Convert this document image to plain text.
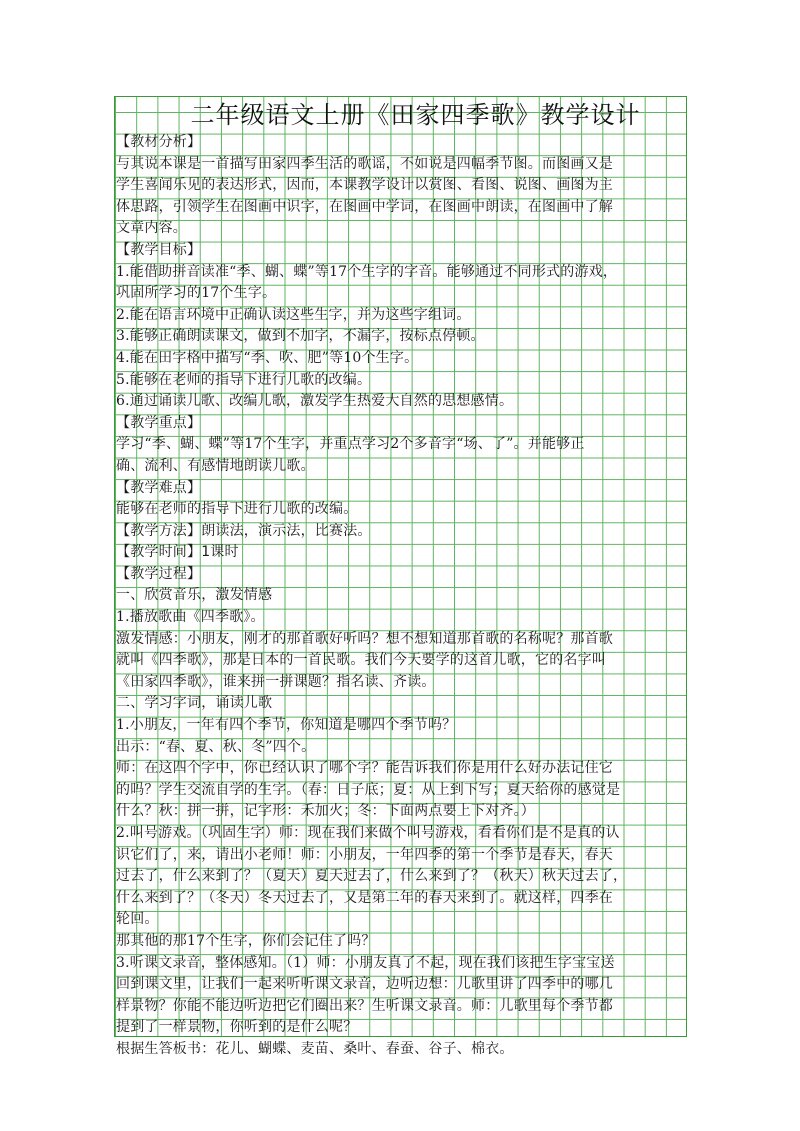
二年级语文上册《田家四季歌》教学设计
【教材分析】
与其说本课是一首描写田家四季生活的歌谣，不如说是四幅季节图。而图画又是
学生喜闻乐见的表达形式，因而，本课教学设计以赏图、看图、说图、画图为主
体思路，引领学生在图画中识字，在图画中学词，在图画中朗读，在图画中了解
文章内容。
【教学目标】
1.能借助拼音读准“季、蝴、蝶”等17个生字的字音。能够通过不同形式的游戏，
巩固所学习的17个生字。
2.能在语言环境中正确认读这些生字，并为这些字组词。
3.能够正确朗读课文，做到不加字，不漏字，按标点停顿。
4.能在田字格中描写“季、吹、肥”等10个生字。
5.能够在老师的指导下进行儿歌的改编。
6.通过诵读儿歌、改编儿歌，激发学生热爱大自然的思想感情。
【教学重点】
学习“季、蝴、蝶”等17个生字，并重点学习2个多音字“场、了”。并能够正
确、流利、有感情地朗读儿歌。
【教学难点】
能够在老师的指导下进行儿歌的改编。
【教学方法】朗读法，演示法，比赛法。
【教学时间】1课时
【教学过程】
一、欣赏音乐，激发情感
1.播放歌曲《四季歌》。
激发情感：小朋友，刚才的那首歌好听吗？想不想知道那首歌的名称呢？那首歌
就叫《四季歌》，那是日本的一首民歌。我们今天要学的这首儿歌，它的名字叫
《田家四季歌》，谁来拼一拼课题？指名读、齐读。
二、学习字词，诵读儿歌
1.小朋友，一年有四个季节，你知道是哪四个季节吗？
出示：“春、夏、秋、冬”四个。
师：在这四个字中，你已经认识了哪个字？能告诉我们你是用什么好办法记住它
的吗？学生交流自学的生字。（春：日子底；夏：从上到下写；夏天给你的感觉是
什么？秋：拼一拼，记字形：禾加火；冬：下面两点要上下对齐。）
2.叫号游戏。（巩固生字）师：现在我们来做个叫号游戏，看看你们是不是真的认
识它们了，来，请出小老师！师：小朋友，一年四季的第一个季节是春天，春天
过去了，什么来到了？（夏天）夏天过去了，什么来到了？（秋天）秋天过去了，
什么来到了？（冬天）冬天过去了，又是第二年的春天来到了。就这样，四季在
轮回。
那其他的那17个生字，你们会记住了吗？
3.听课文录音，整体感知。（1）师：小朋友真了不起，现在我们该把生字宝宝送
回到课文里，让我们一起来听听课文录音，边听边想：儿歌里讲了四季中的哪几
样景物？你能不能边听边把它们圈出来？生听课文录音。师：儿歌里每个季节都
提到了一样景物，你听到的是什么呢？
根据生答板书：花儿、蝴蝶、麦苗、桑叶、春蚕、谷子、棉衣。
